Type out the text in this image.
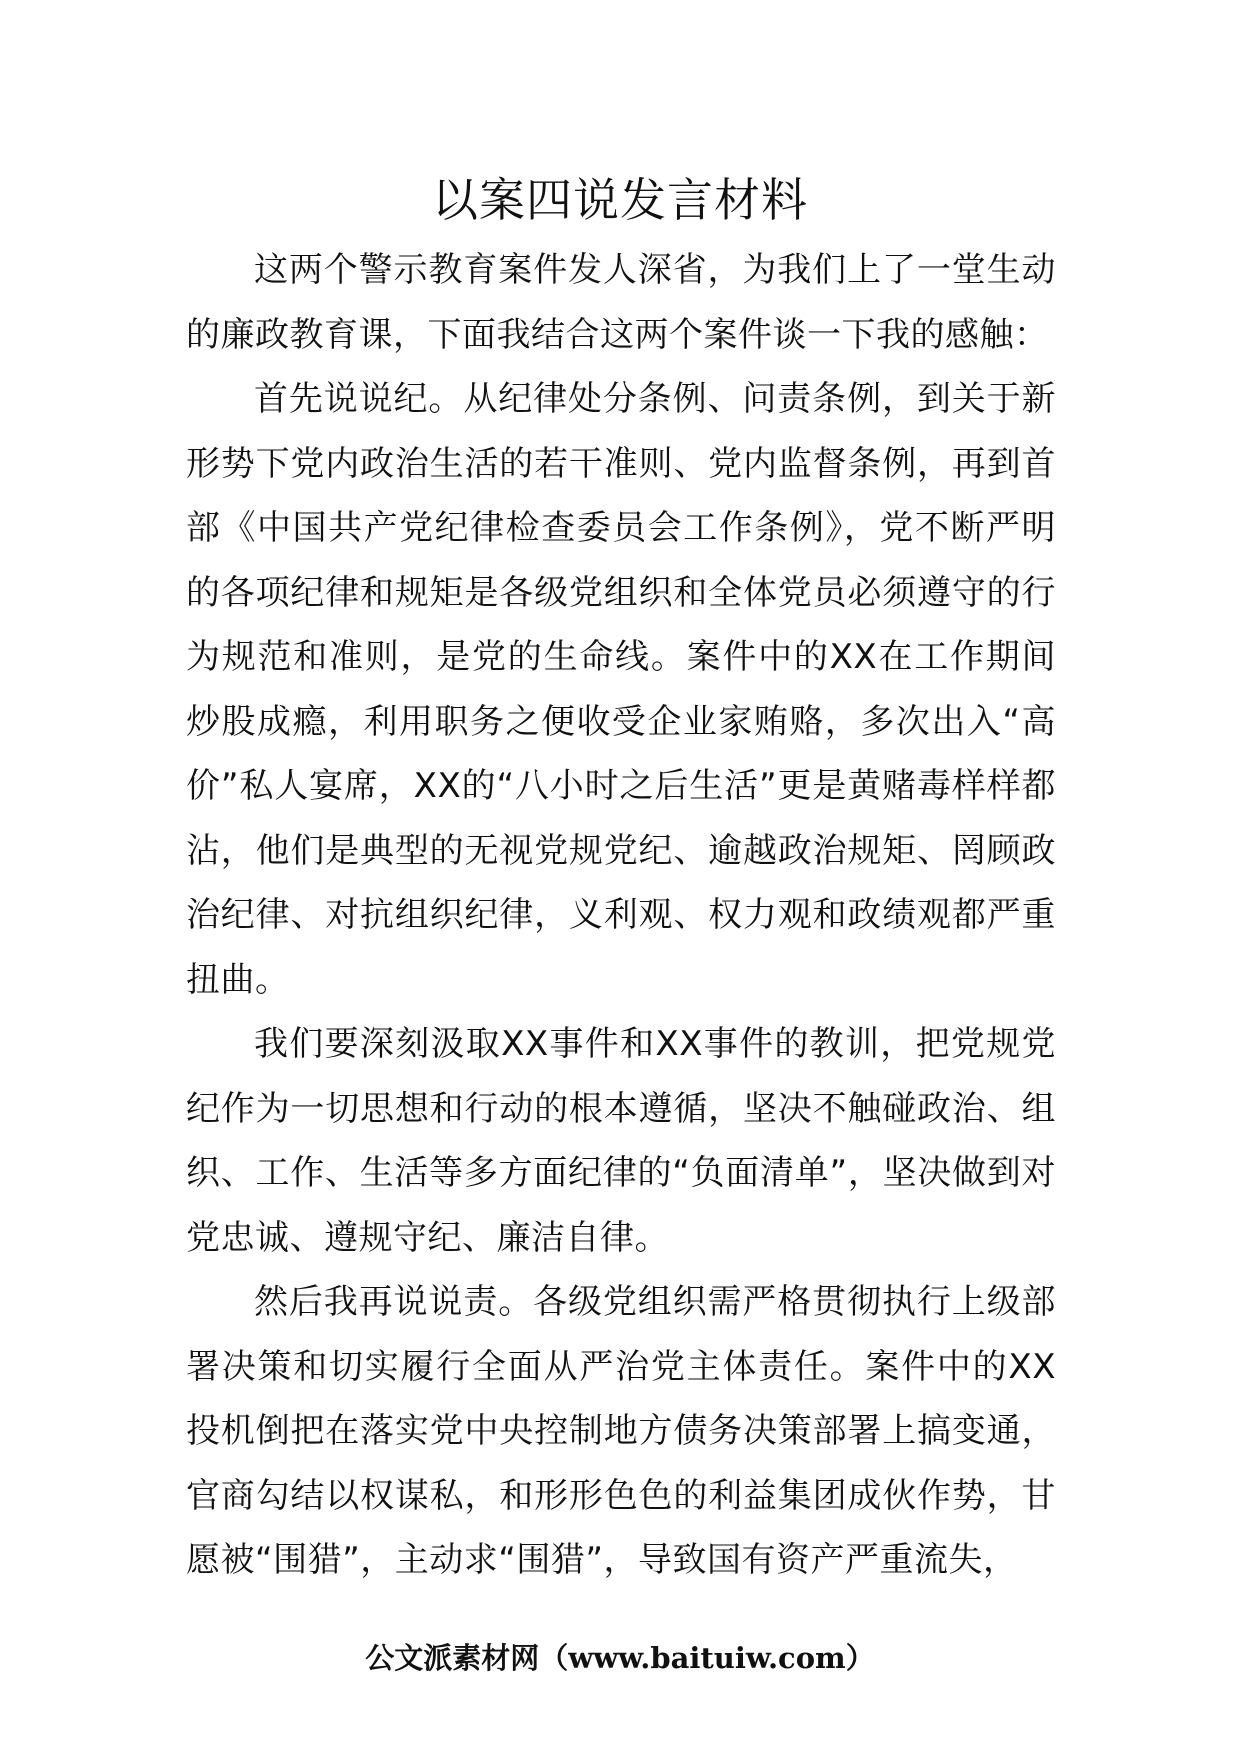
以案四说发言材料

这两个警示教育案件发人深省，为我们上了一堂生动的廉政教育课，下面我结合这两个案件谈一下我的感触：

首先说说纪。从纪律处分条例、问责条例，到关于新形势下党内政治生活的若干准则、党内监督条例，再到首部《中国共产党纪律检查委员会工作条例》，党不断严明的各项纪律和规矩是各级党组织和全体党员必须遵守的行为规范和准则，是党的生命线。案件中的XX在工作期间炒股成瘾，利用职务之便收受企业家贿赂，多次出入“高价”私人宴席，XX的“八小时之后生活”更是黄赌毒样样都沾，他们是典型的无视党规党纪、逾越政治规矩、罔顾政治纪律、对抗组织纪律，义利观、权力观和政绩观都严重扭曲。

我们要深刻汲取XX事件和XX事件的教训，把党规党纪作为一切思想和行动的根本遵循，坚决不触碰政治、组织、工作、生活等多方面纪律的“负面清单”，坚决做到对党忠诚、遵规守纪、廉洁自律。

然后我再说说责。各级党组织需严格贯彻执行上级部署决策和切实履行全面从严治党主体责任。案件中的XX投机倒把在落实党中央控制地方债务决策部署上搞变通，官商勾结以权谋私，和形形色色的利益集团成伙作势，甘愿被“围猎”，主动求“围猎”，导致国有资产严重流失，

公文派素材网（www.baituiw.com）
